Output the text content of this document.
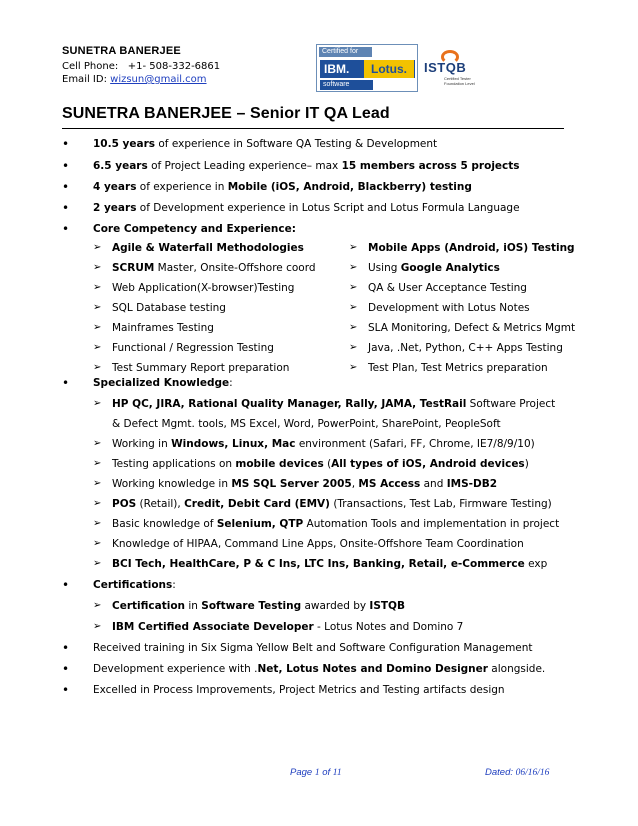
SUNETRA BANERJEE
Cell Phone: +1- 508-332-6861
Email ID: wizsun@gmail.com
Certified for
IBM.	Lotus.
software
ISTQB
Certified Tester Foundation Level
SUNETRA BANERJEE – Senior IT QA Lead
• 10.5 years of experience in Software QA Testing & Development
• 6.5 years of Project Leading experience– max 15 members across 5 projects
• 4 years of experience in Mobile (iOS, Android, Blackberry) testing
• 2 years of Development experience in Lotus Script and Lotus Formula Language
• Core Competency and Experience:
➢ Agile & Waterfall Methodologies
➢ SCRUM Master, Onsite-Offshore coord
➢ Web Application(X-browser)Testing
➢ SQL Database testing
➢ Mainframes Testing
➢ Functional / Regression Testing
➢ Test Summary Report preparation
➢ Mobile Apps (Android, iOS) Testing
➢ Using Google Analytics
➢ QA & User Acceptance Testing
➢ Development with Lotus Notes
➢ SLA Monitoring, Defect & Metrics Mgmt
➢ Java, .Net, Python, C++ Apps Testing
➢ Test Plan, Test Metrics preparation
• Specialized Knowledge:
➢ HP QC, JIRA, Rational Quality Manager, Rally, JAMA, TestRail Software Project
& Defect Mgmt. tools, MS Excel, Word, PowerPoint, SharePoint, PeopleSoft
➢ Working in Windows, Linux, Mac environment (Safari, FF, Chrome, IE7/8/9/10)
➢ Testing applications on mobile devices (All types of iOS, Android devices)
➢ Working knowledge in MS SQL Server 2005, MS Access and IMS-DB2
➢ POS (Retail), Credit, Debit Card (EMV) (Transactions, Test Lab, Firmware Testing)
➢ Basic knowledge of Selenium, QTP Automation Tools and implementation in project
➢ Knowledge of HIPAA, Command Line Apps, Onsite-Offshore Team Coordination
➢ BCI Tech, HealthCare, P & C Ins, LTC Ins, Banking, Retail, e-Commerce exp
• Certifications:
➢ Certification in Software Testing awarded by ISTQB
➢ IBM Certified Associate Developer - Lotus Notes and Domino 7
• Received training in Six Sigma Yellow Belt and Software Configuration Management
• Development experience with .Net, Lotus Notes and Domino Designer alongside.
• Excelled in Process Improvements, Project Metrics and Testing artifacts design
Page 1 of 11	Dated: 06/16/16
